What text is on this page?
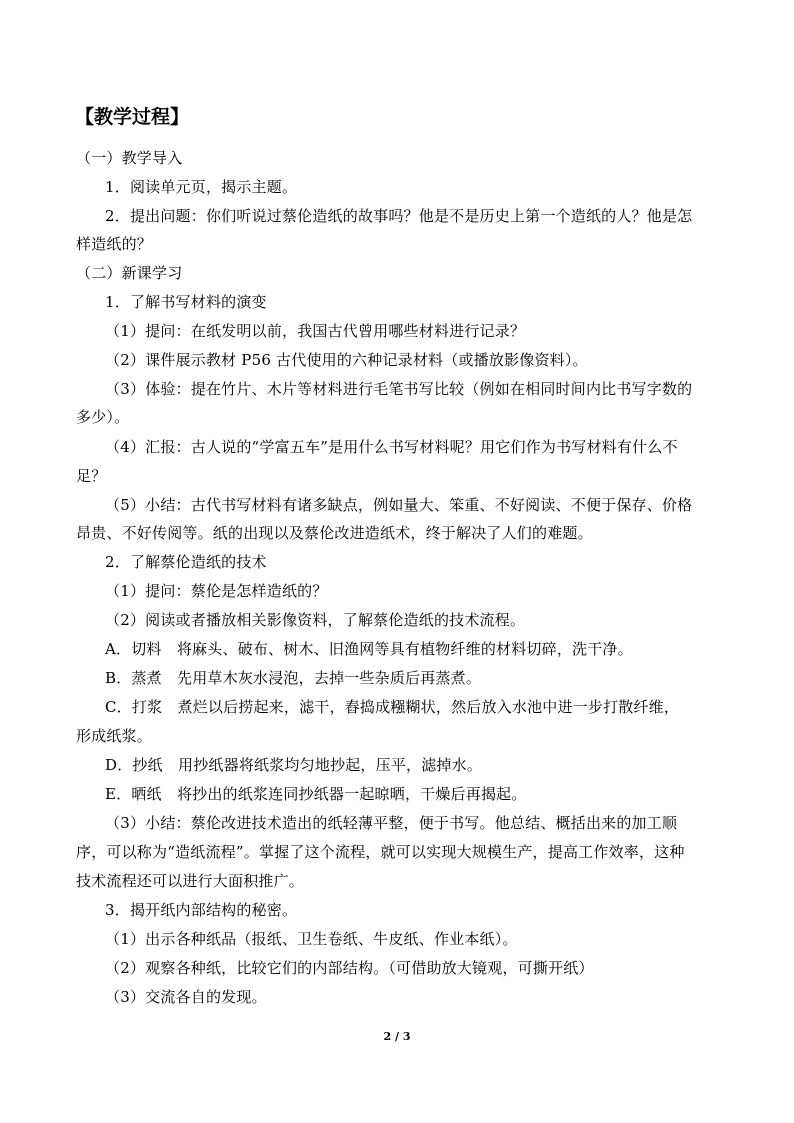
【教学过程】
（一）教学导入
1．阅读单元页，揭示主题。
2．提出问题：你们听说过蔡伦造纸的故事吗？他是不是历史上第一个造纸的人？他是怎
样造纸的？
（二）新课学习
1．了解书写材料的演变
（1）提问：在纸发明以前，我国古代曾用哪些材料进行记录？
（2）课件展示教材 P56 古代使用的六种记录材料（或播放影像资料）。
（3）体验：提在竹片、木片等材料进行毛笔书写比较（例如在相同时间内比书写字数的
多少）。
（4）汇报：古人说的“学富五车”是用什么书写材料呢？用它们作为书写材料有什么不
足？
（5）小结：古代书写材料有诸多缺点，例如量大、笨重、不好阅读、不便于保存、价格
昂贵、不好传阅等。纸的出现以及蔡伦改进造纸术，终于解决了人们的难题。
2．了解蔡伦造纸的技术
（1）提问：蔡伦是怎样造纸的？
（2）阅读或者播放相关影像资料，了解蔡伦造纸的技术流程。
A．切料　将麻头、破布、树木、旧渔网等具有植物纤维的材料切碎，洗干净。
B．蒸煮　先用草木灰水浸泡，去掉一些杂质后再蒸煮。
C．打浆　煮烂以后捞起来，滤干，舂捣成糨糊状，然后放入水池中进一步打散纤维，
形成纸浆。
D．抄纸　用抄纸器将纸浆均匀地抄起，压平，滤掉水。
E．晒纸　将抄出的纸浆连同抄纸器一起晾晒，干燥后再揭起。
（3）小结：蔡伦改进技术造出的纸轻薄平整，便于书写。他总结、概括出来的加工顺
序，可以称为“造纸流程”。掌握了这个流程，就可以实现大规模生产，提高工作效率，这种
技术流程还可以进行大面积推广。
3．揭开纸内部结构的秘密。
（1）出示各种纸品（报纸、卫生卷纸、牛皮纸、作业本纸）。
（2）观察各种纸，比较它们的内部结构。（可借助放大镜观，可撕开纸）
（3）交流各自的发现。
2 / 3
